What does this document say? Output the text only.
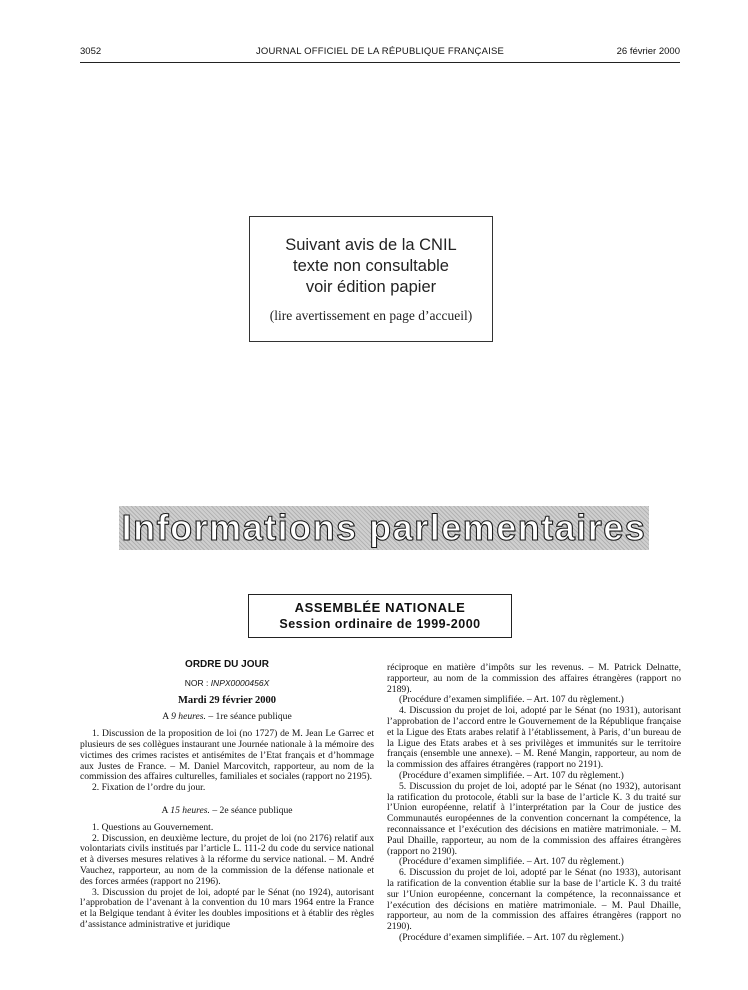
3052	JOURNAL OFFICIEL DE LA RÉPUBLIQUE FRANÇAISE	26 février 2000
Suivant avis de la CNIL
texte non consultable
voir édition papier
(lire avertissement en page d’accueil)
Informations parlementaires
ASSEMBLÉE NATIONALE
Session ordinaire de 1999-2000
ORDRE DU JOUR
NOR : INPX0000456X
Mardi 29 février 2000
A 9 heures. – 1re séance publique

1. Discussion de la proposition de loi (no 1727) de M. Jean Le Garrec et plusieurs de ses collègues instaurant une Journée nationale à la mémoire des victimes des crimes racistes et antisémites de l’Etat français et d’hommage aux Justes de France. – M. Daniel Marcovitch, rapporteur, au nom de la commission des affaires culturelles, familiales et sociales (rapport no 2195).

2. Fixation de l’ordre du jour.

A 15 heures. – 2e séance publique

1. Questions au Gouvernement.

2. Discussion, en deuxième lecture, du projet de loi (no 2176) relatif aux volontariats civils institués par l’article L. 111-2 du code du service national et à diverses mesures relatives à la réforme du service national. – M. André Vauchez, rapporteur, au nom de la commission de la défense nationale et des forces armées (rapport no 2196).

3. Discussion du projet de loi, adopté par le Sénat (no 1924), autorisant l’approbation de l’avenant à la convention du 10 mars 1964 entre la France et la Belgique tendant à éviter les doubles impositions et à établir des règles d’assistance administrative et juridique

réciproque en matière d’impôts sur les revenus. – M. Patrick Delnatte, rapporteur, au nom de la commission des affaires étrangères (rapport no 2189).

(Procédure d’examen simplifiée. – Art. 107 du règlement.)

4. Discussion du projet de loi, adopté par le Sénat (no 1931), autorisant l’approbation de l’accord entre le Gouvernement de la République française et la Ligue des Etats arabes relatif à l’établissement, à Paris, d’un bureau de la Ligue des Etats arabes et à ses privilèges et immunités sur le territoire français (ensemble une annexe). – M. René Mangin, rapporteur, au nom de la commission des affaires étrangères (rapport no 2191).

(Procédure d’examen simplifiée. – Art. 107 du règlement.)

5. Discussion du projet de loi, adopté par le Sénat (no 1932), autorisant la ratification du protocole, établi sur la base de l’article K. 3 du traité sur l’Union européenne, relatif à l’interprétation par la Cour de justice des Communautés européennes de la convention concernant la compétence, la reconnaissance et l’exécution des décisions en matière matrimoniale. – M. Paul Dhaille, rapporteur, au nom de la commission des affaires étrangères (rapport no 2190).

(Procédure d’examen simplifiée. – Art. 107 du règlement.)

6. Discussion du projet de loi, adopté par le Sénat (no 1933), autorisant la ratification de la convention établie sur la base de l’article K. 3 du traité sur l’Union européenne, concernant la compétence, la reconnaissance et l’exécution des décisions en matière matrimoniale. – M. Paul Dhaille, rapporteur, au nom de la commission des affaires étrangères (rapport no 2190).

(Procédure d’examen simplifiée. – Art. 107 du règlement.)
